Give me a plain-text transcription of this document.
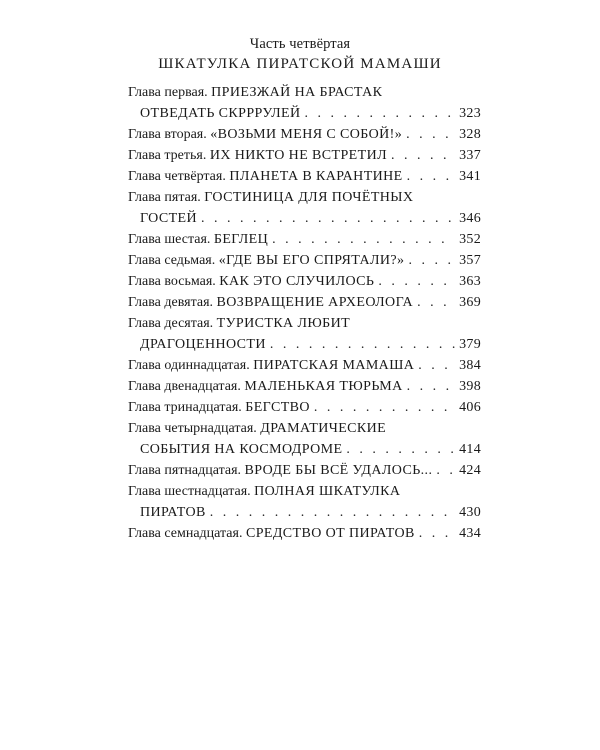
Часть четвёртая
ШКАТУЛКА ПИРАТСКОЙ МАМАШИ
Глава первая. ПРИЕЗЖАЙ НА БРАСТАК
ОТВЕДАТЬ СКРРРУЛЕЙ . . .	323
Глава вторая. «ВОЗЬМИ МЕНЯ С СОБОЙ!» . . .	328
Глава третья. ИХ НИКТО НЕ ВСТРЕТИЛ . . .	337
Глава четвёртая. ПЛАНЕТА В КАРАНТИНЕ . . .	341
Глава пятая. ГОСТИНИЦА ДЛЯ ПОЧЁТНЫХ
ГОСТЕЙ . . .	346
Глава шестая. БЕГЛЕЦ . . .	352
Глава седьмая. «ГДЕ ВЫ ЕГО СПРЯТАЛИ?» . . .	357
Глава восьмая. КАК ЭТО СЛУЧИЛОСЬ . . .	363
Глава девятая. ВОЗВРАЩЕНИЕ АРХЕОЛОГА . . .	369
Глава десятая. ТУРИСТКА ЛЮБИТ
ДРАГОЦЕННОСТИ . . .	379
Глава одиннадцатая. ПИРАТСКАЯ МАМАША . . .	384
Глава двенадцатая. МАЛЕНЬКАЯ ТЮРЬМА . . .	398
Глава тринадцатая. БЕГСТВО . . .	406
Глава четырнадцатая. ДРАМАТИЧЕСКИЕ
СОБЫТИЯ НА КОСМОДРОМЕ . . .	414
Глава пятнадцатая. ВРОДЕ БЫ ВСЁ УДАЛОСЬ... . . . 424
Глава шестнадцатая. ПОЛНАЯ ШКАТУЛКА
ПИРАТОВ . . .	430
Глава семнадцатая. СРЕДСТВО ОТ ПИРАТОВ . . .	434
